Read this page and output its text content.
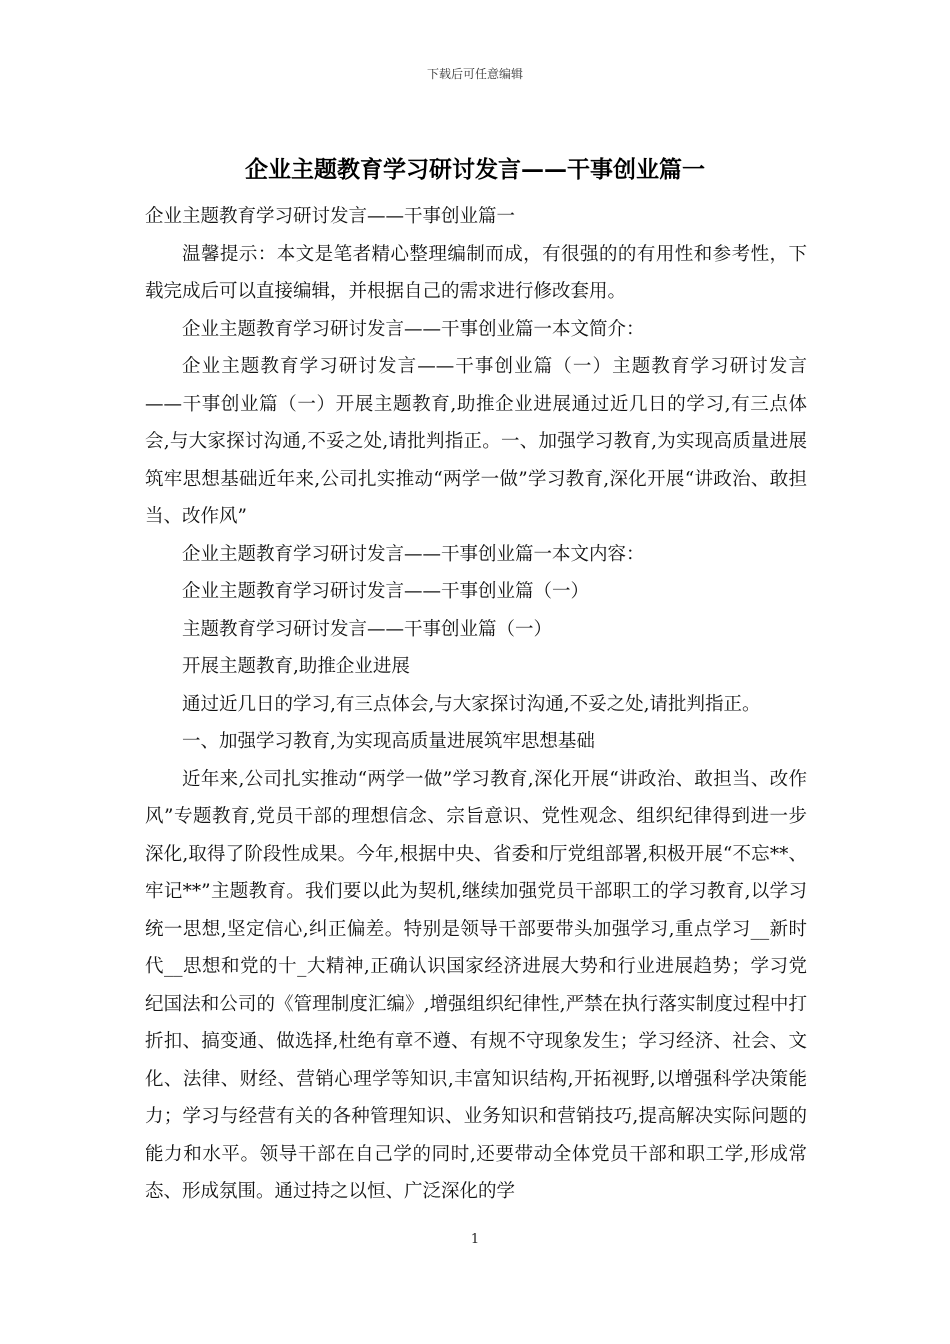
下载后可任意编辑
企业主题教育学习研讨发言——干事创业篇一

企业主题教育学习研讨发言——干事创业篇一

温馨提示：本文是笔者精心整理编制而成，有很强的的有用性和参考性，下载完成后可以直接编辑，并根据自己的需求进行修改套用。

企业主题教育学习研讨发言——干事创业篇一本文简介：

企业主题教育学习研讨发言——干事创业篇（一）主题教育学习研讨发言——干事创业篇（一）开展主题教育,助推企业进展通过近几日的学习,有三点体会,与大家探讨沟通,不妥之处,请批判指正。一、加强学习教育,为实现高质量进展筑牢思想基础近年来,公司扎实推动“两学一做”学习教育,深化开展“讲政治、敢担当、改作风”

企业主题教育学习研讨发言——干事创业篇一本文内容：

企业主题教育学习研讨发言——干事创业篇（一）

主题教育学习研讨发言——干事创业篇（一）

开展主题教育,助推企业进展

通过近几日的学习,有三点体会,与大家探讨沟通,不妥之处,请批判指正。

一、加强学习教育,为实现高质量进展筑牢思想基础

近年来,公司扎实推动“两学一做”学习教育,深化开展“讲政治、敢担当、改作风”专题教育,党员干部的理想信念、宗旨意识、党性观念、组织纪律得到进一步深化,取得了阶段性成果。今年,根据中央、省委和厅党组部署,积极开展“不忘**、牢记**”主题教育。我们要以此为契机,继续加强党员干部职工的学习教育,以学习统一思想,坚定信心,纠正偏差。特别是领导干部要带头加强学习,重点学习__新时代__思想和党的十_大精神,正确认识国家经济进展大势和行业进展趋势；学习党纪国法和公司的《管理制度汇编》,增强组织纪律性,严禁在执行落实制度过程中打折扣、搞变通、做选择,杜绝有章不遵、有规不守现象发生；学习经济、社会、文化、法律、财经、营销心理学等知识,丰富知识结构,开拓视野,以增强科学决策能力；学习与经营有关的各种管理知识、业务知识和营销技巧,提高解决实际问题的能力和水平。领导干部在自己学的同时,还要带动全体党员干部和职工学,形成常态、形成氛围。通过持之以恒、广泛深化的学

1
